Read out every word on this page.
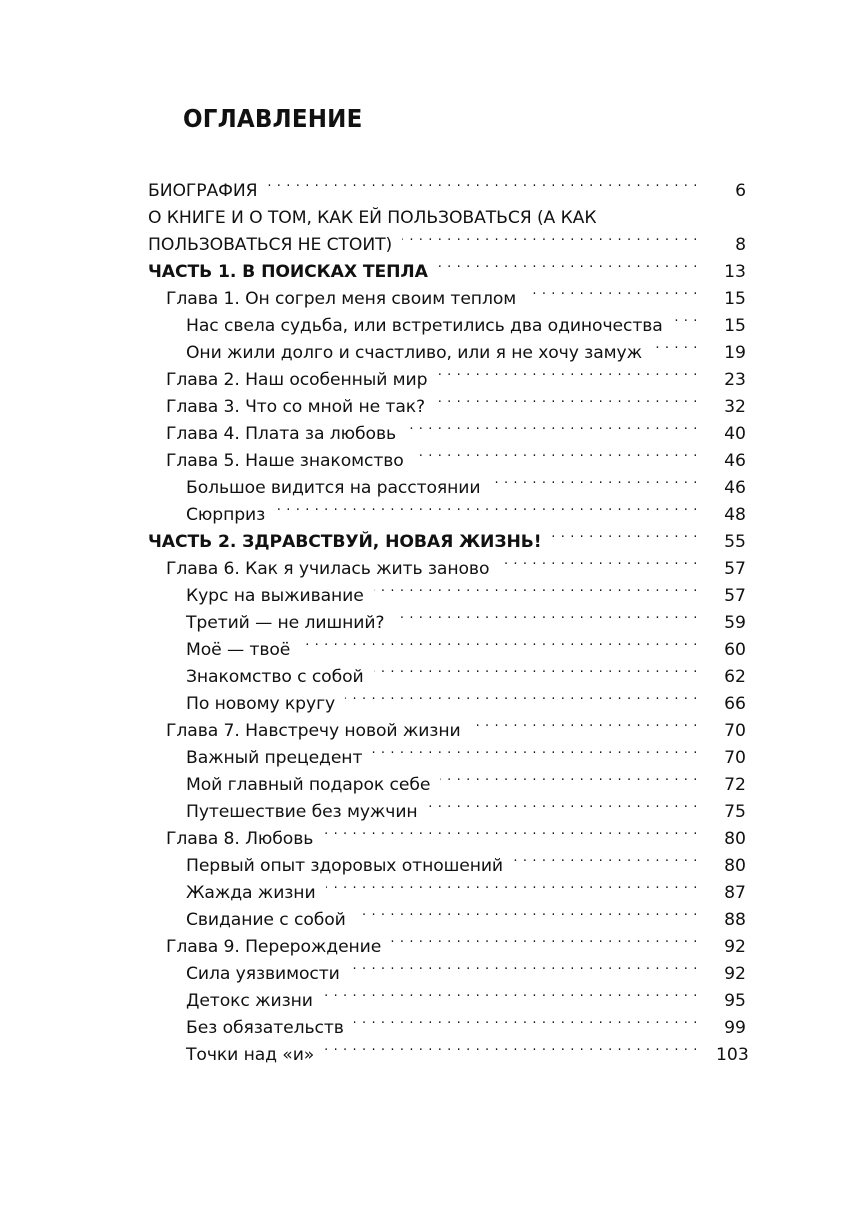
ОГЛАВЛЕНИЕ
БИОГРАФИЯ . . .	6
О КНИГЕ И О ТОМ, КАК ЕЙ ПОЛЬЗОВАТЬСЯ (А КАК
ПОЛЬЗОВАТЬСЯ НЕ СТОИТ) . . .	8
ЧАСТЬ 1. В ПОИСКАХ ТЕПЛА . . .	13
Глава 1. Он согрел меня своим теплом . . .	15
Нас свела судьба, или встретились два одиночества . . .	15
Они жили долго и счастливо, или я не хочу замуж . . .	19
Глава 2. Наш особенный мир . . .	23
Глава 3. Что со мной не так? . . .	32
Глава 4. Плата за любовь . . .	40
Глава 5. Наше знакомство . . .	46
Большое видится на расстоянии . . .	46
Сюрприз . . .	48
ЧАСТЬ 2. ЗДРАВСТВУЙ, НОВАЯ ЖИЗНЬ! . . .	55
Глава 6. Как я училась жить заново . . .	57
Курс на выживание . . .	57
Третий — не лишний? . . .	59
Моё — твоё . . .	60
Знакомство с собой . . .	62
По новому кругу . . .	66
Глава 7. Навстречу новой жизни . . .	70
Важный прецедент . . .	70
Мой главный подарок себе . . .	72
Путешествие без мужчин . . .	75
Глава 8. Любовь . . .	80
Первый опыт здоровых отношений . . .	80
Жажда жизни . . .	87
Свидание с собой . . .	88
Глава 9. Перерождение . . .	92
Сила уязвимости . . .	92
Детокс жизни . . .	95
Без обязательств . . .	99
Точки над «и» . . .	103
